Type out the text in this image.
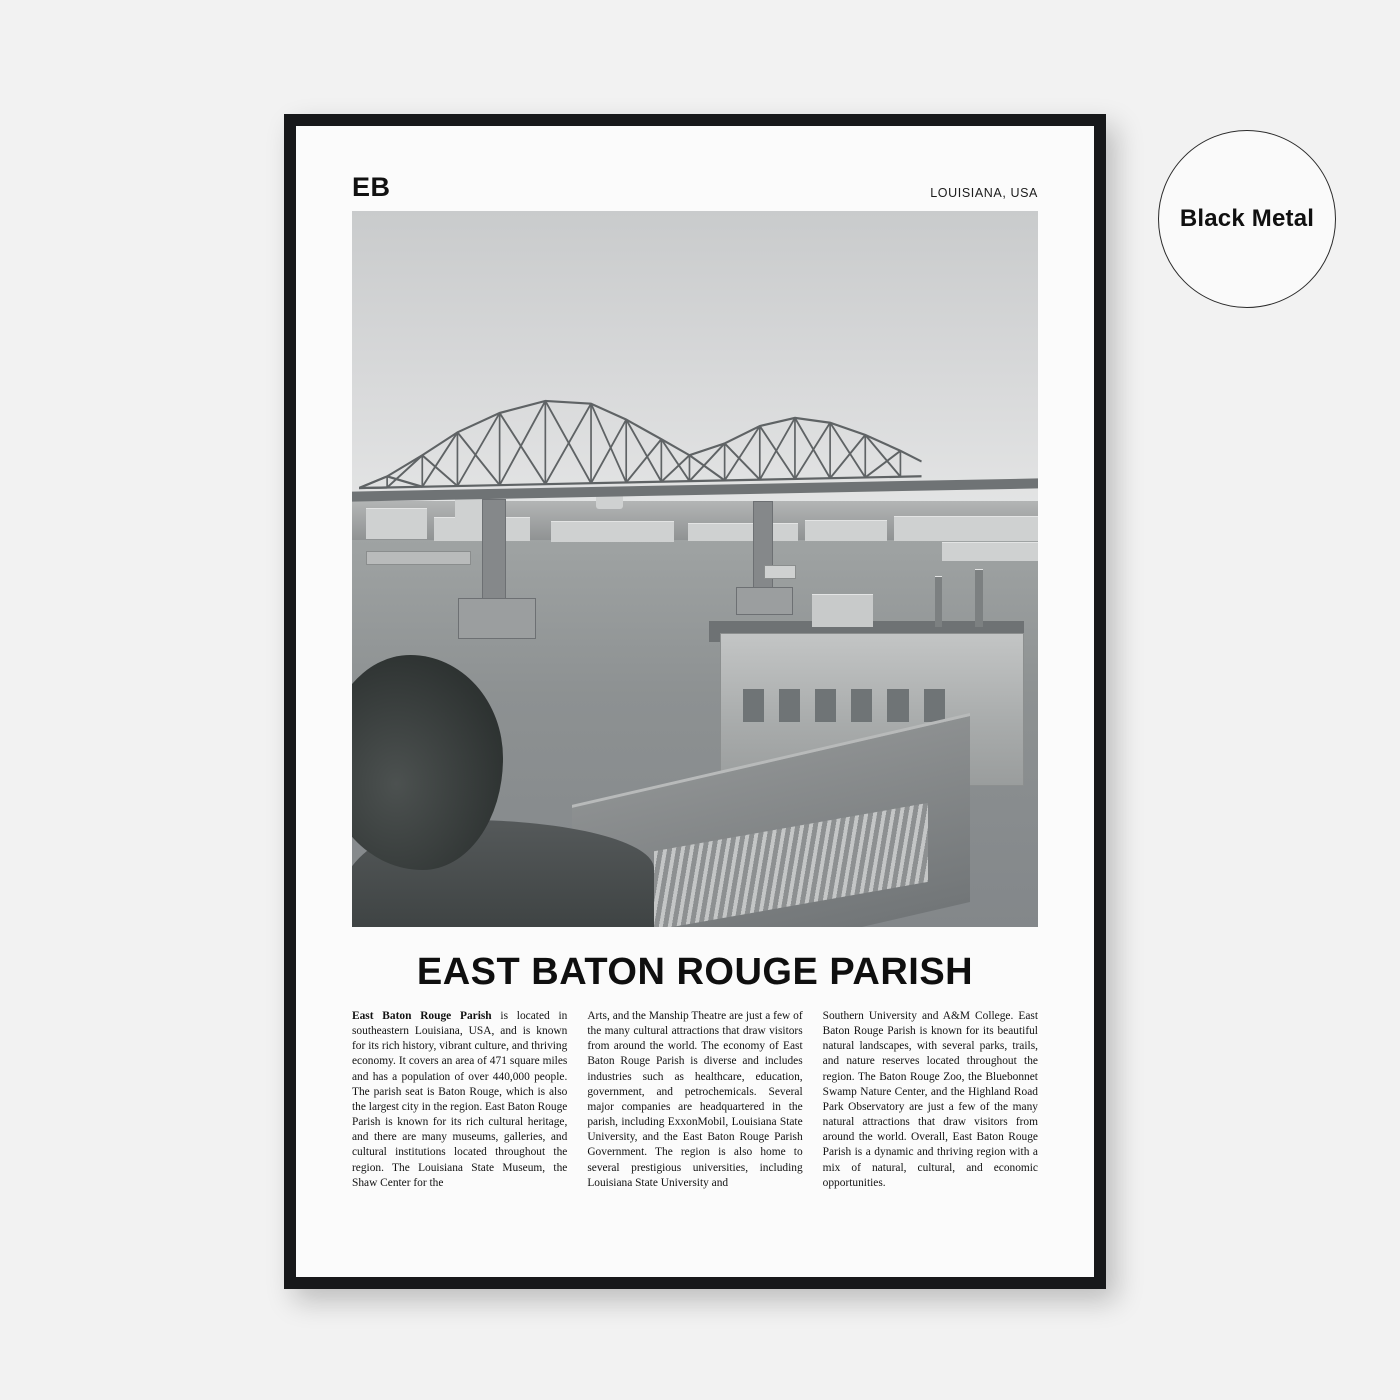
EB	LOUISIANA, USA
EAST BATON ROUGE PARISH

East Baton Rouge Parish is located in southeastern Louisiana, USA, and is known for its rich history, vibrant culture, and thriving economy. It covers an area of 471 square miles and has a population of over 440,000 people. The parish seat is Baton Rouge, which is also the largest city in the region. East Baton Rouge Parish is known for its rich cultural heritage, and there are many museums, galleries, and cultural institutions located throughout the region. The Louisiana State Museum, the Shaw Center for the

Arts, and the Manship Theatre are just a few of the many cultural attractions that draw visitors from around the world. The economy of East Baton Rouge Parish is diverse and includes industries such as healthcare, education, government, and petrochemicals. Several major companies are headquartered in the parish, including ExxonMobil, Louisiana State University, and the East Baton Rouge Parish Government. The region is also home to several prestigious universities, including Louisiana State University and

Southern University and A&M College. East Baton Rouge Parish is known for its beautiful natural landscapes, with several parks, trails, and nature reserves located throughout the region. The Baton Rouge Zoo, the Bluebonnet Swamp Nature Center, and the Highland Road Park Observatory are just a few of the many natural attractions that draw visitors from around the world. Overall, East Baton Rouge Parish is a dynamic and thriving region with a mix of natural, cultural, and economic opportunities.

Black Metal
